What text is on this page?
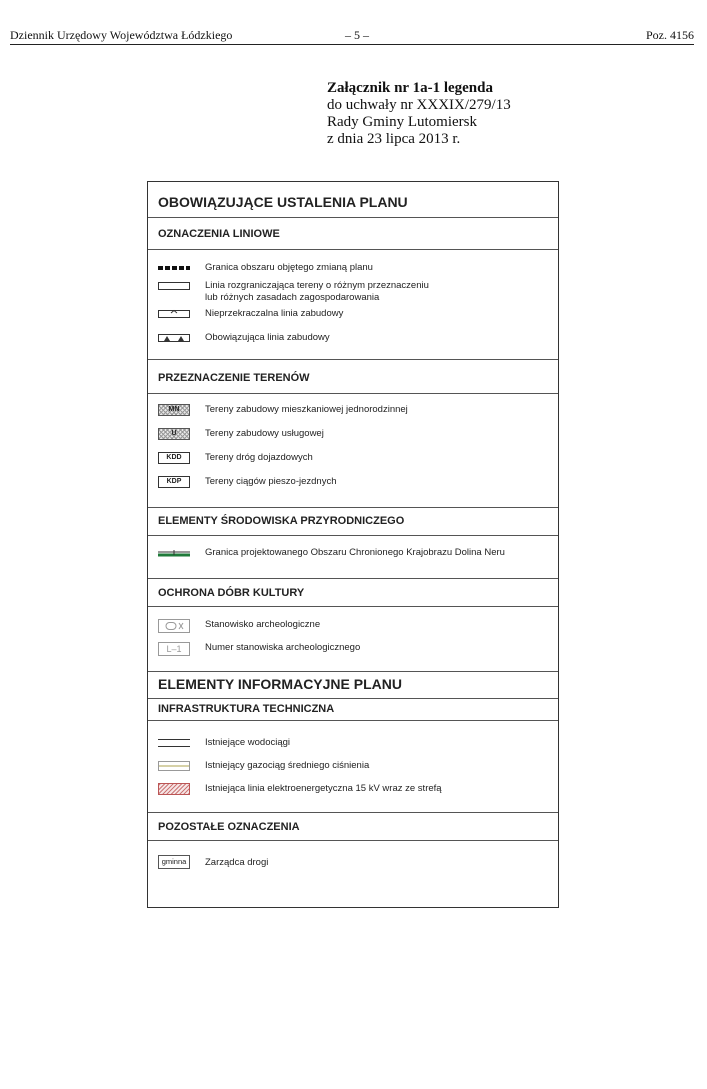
Dziennik Urzędowy Województwa Łódzkiego	– 5 –	Poz. 4156
Załącznik nr 1a-1 legenda
do uchwały nr XXXIX/279/13
Rady Gminy Lutomiersk
z dnia 23 lipca 2013 r.
OBOWIĄZUJĄCE USTALENIA PLANU
OZNACZENIA LINIOWE
Granica obszaru objętego zmianą planu
Linia rozgraniczająca tereny o różnym przeznaczeniu
lub różnych zasadach zagospodarowania
Nieprzekraczalna linia zabudowy
Obowiązująca linia zabudowy
PRZEZNACZENIE TERENÓW
MN	Tereny zabudowy mieszkaniowej jednorodzinnej
U	Tereny zabudowy usługowej
KDD	Tereny dróg dojazdowych
KDP	Tereny ciągów pieszo-jezdnych
ELEMENTY ŚRODOWISKA PRZYRODNICZEGO
Granica projektowanego Obszaru Chronionego Krajobrazu Dolina Neru
OCHRONA DÓBR KULTURY
Stanowisko archeologiczne
L–1	Numer stanowiska archeologicznego
ELEMENTY INFORMACYJNE PLANU
INFRASTRUKTURA TECHNICZNA
Istniejące wodociągi
Istniejący gazociąg średniego ciśnienia
Istniejąca linia elektroenergetyczna 15 kV wraz ze strefą
POZOSTAŁE OZNACZENIA
gminna	Zarządca drogi
